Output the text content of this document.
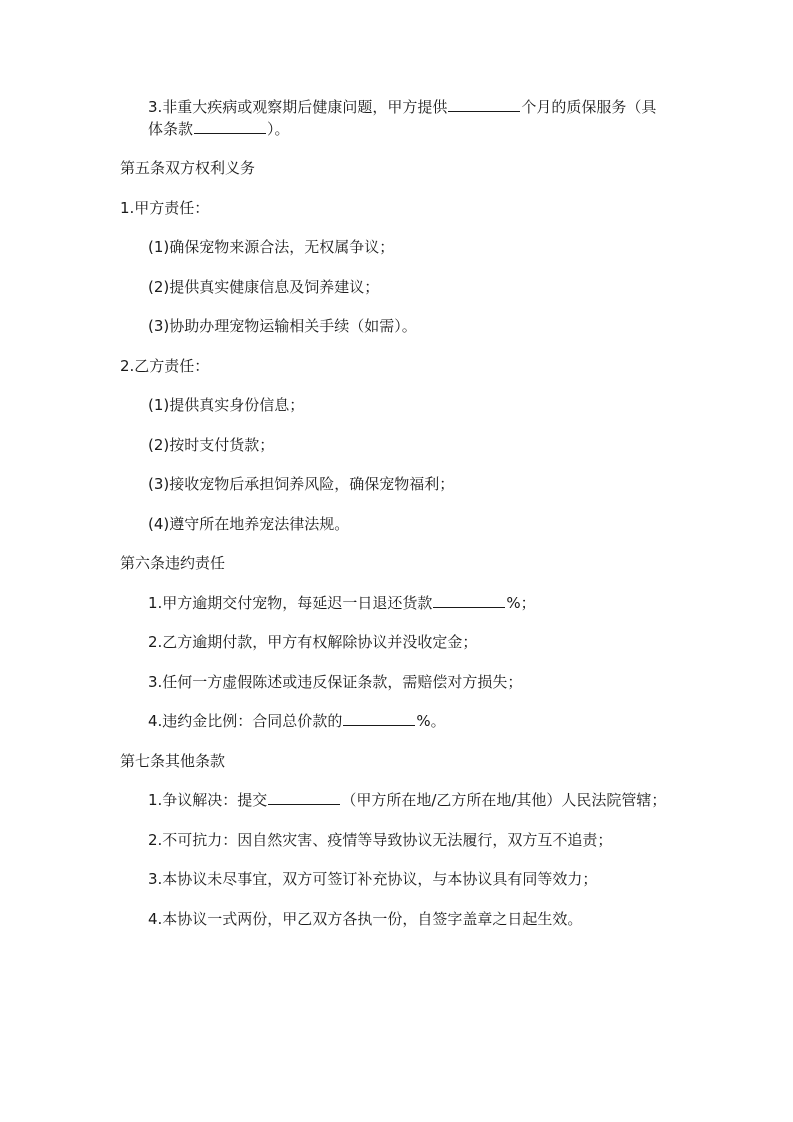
3.非重大疾病或观察期后健康问题，甲方提供	个月的质保服务（具
体条款	）。
第五条双方权利义务
1.甲方责任：
(1)确保宠物来源合法，无权属争议；
(2)提供真实健康信息及饲养建议；
(3)协助办理宠物运输相关手续（如需）。
2.乙方责任：
(1)提供真实身份信息；
(2)按时支付货款；
(3)接收宠物后承担饲养风险，确保宠物福利；
(4)遵守所在地养宠法律法规。
第六条违约责任
1.甲方逾期交付宠物，每延迟一日退还货款	%；
2.乙方逾期付款，甲方有权解除协议并没收定金；
3.任何一方虚假陈述或违反保证条款，需赔偿对方损失；
4.违约金比例：合同总价款的	%。
第七条其他条款
1.争议解决：提交	（甲方所在地/乙方所在地/其他）人民法院管辖；
2.不可抗力：因自然灾害、疫情等导致协议无法履行，双方互不追责；
3.本协议未尽事宜，双方可签订补充协议，与本协议具有同等效力；
4.本协议一式两份，甲乙双方各执一份，自签字盖章之日起生效。
